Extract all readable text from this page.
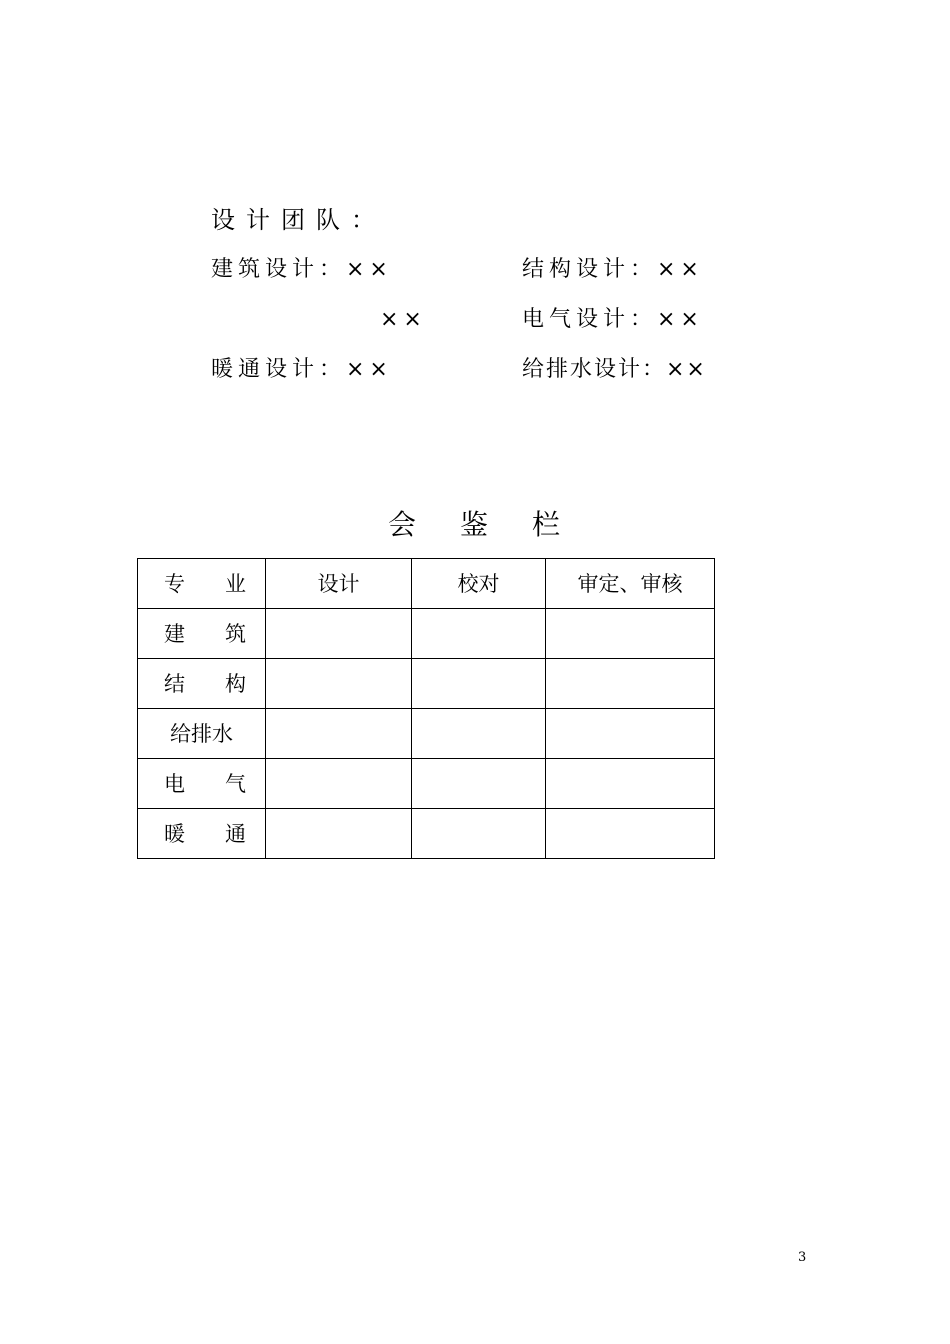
设计团队：
建筑设计：××	结构设计：××
××	电气设计：××
暖通设计：××	给排水设计：××
会鉴栏
专 业	设计	校对	审定、审核

建 筑			

结 构			

给排水			

电 气			

暖 通			

3
